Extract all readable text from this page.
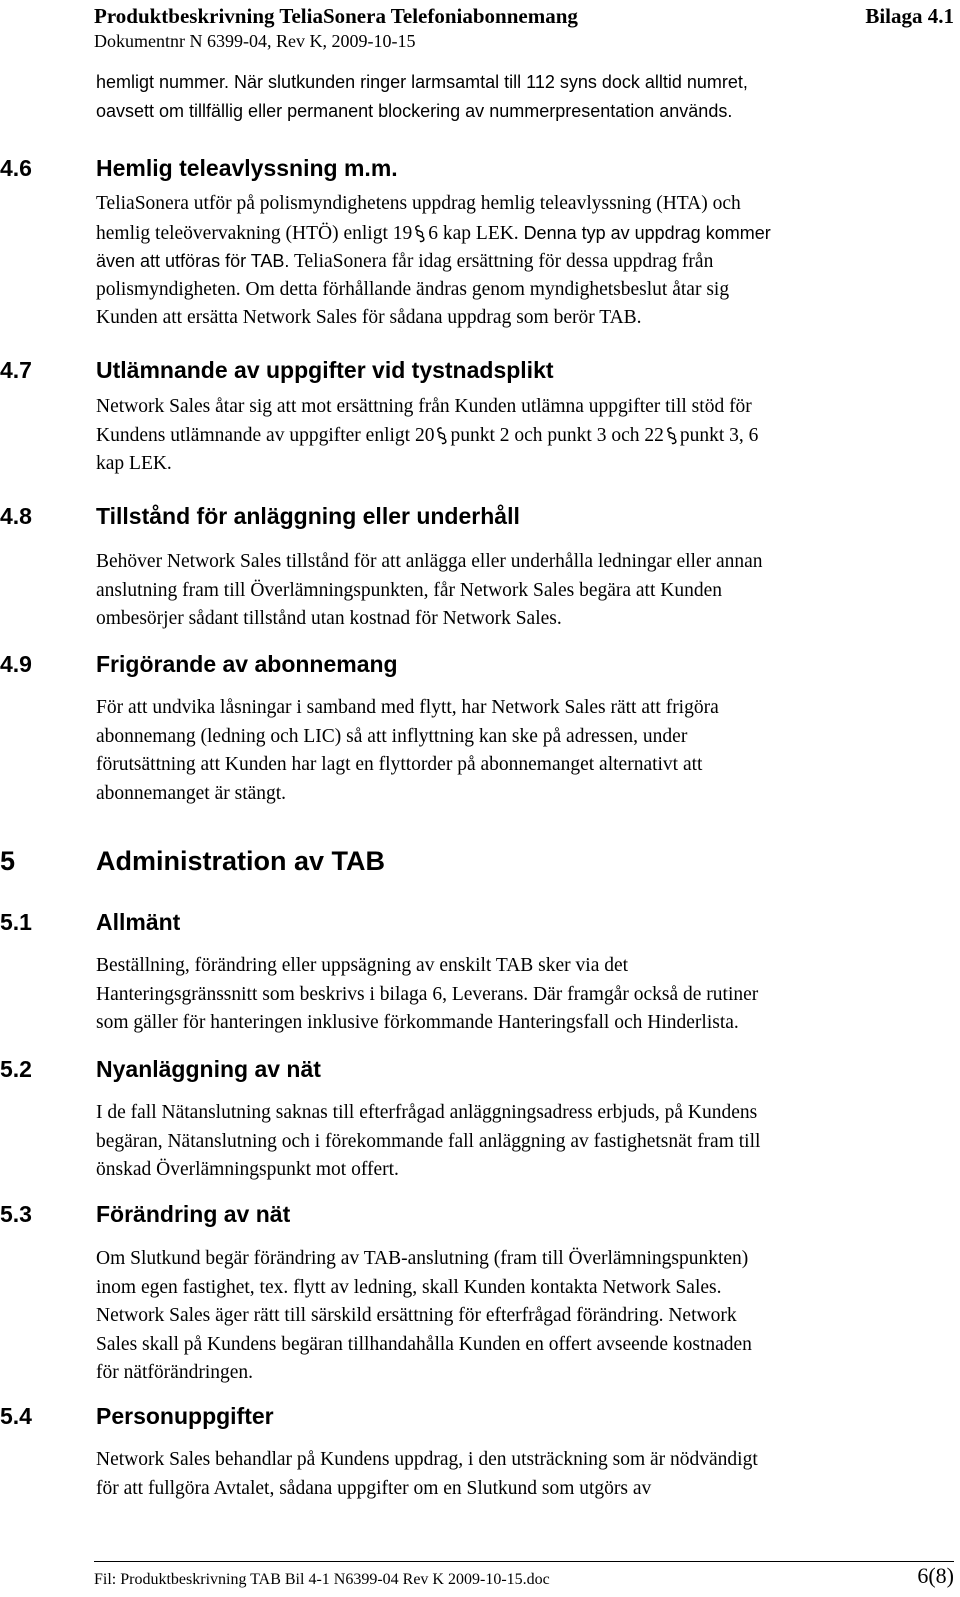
Produktbeskrivning TeliaSonera Telefoniabonnemang	Bilaga 4.1
Dokumentnr N 6399-04, Rev K, 2009-10-15
hemligt nummer. När slutkunden ringer larmsamtal till 112 syns dock alltid numret,
oavsett om tillfällig eller permanent blockering av nummerpresentation används.
4.6	Hemlig teleavlyssning m.m.
TeliaSonera utför på polismyndighetens uppdrag hemlig teleavlyssning (HTA) och
hemlig teleövervakning (HTÖ) enligt 19§6 kap LEK. Denna typ av uppdrag kommer
även att utföras för TAB. TeliaSonera får idag ersättning för dessa uppdrag från
polismyndigheten. Om detta förhållande ändras genom myndighetsbeslut åtar sig
Kunden att ersätta Network Sales för sådana uppdrag som berör TAB.
4.7	Utlämnande av uppgifter vid tystnadsplikt
Network Sales åtar sig att mot ersättning från Kunden utlämna uppgifter till stöd för
Kundens utlämnande av uppgifter enligt 20§punkt 2 och punkt 3 och 22§punkt 3, 6
kap LEK.
4.8	Tillstånd för anläggning eller underhåll
Behöver Network Sales tillstånd för att anlägga eller underhålla ledningar eller annan
anslutning fram till Överlämningspunkten, får Network Sales begära att Kunden
ombesörjer sådant tillstånd utan kostnad för Network Sales.
4.9	Frigörande av abonnemang
För att undvika låsningar i samband med flytt, har Network Sales rätt att frigöra
abonnemang (ledning och LIC) så att inflyttning kan ske på adressen, under
förutsättning att Kunden har lagt en flyttorder på abonnemanget alternativt att
abonnemanget är stängt.
5	Administration av TAB
5.1	Allmänt
Beställning, förändring eller uppsägning av enskilt TAB sker via det
Hanteringsgränssnitt som beskrivs i bilaga 6, Leverans. Där framgår också de rutiner
som gäller för hanteringen inklusive förkommande Hanteringsfall och Hinderlista.
5.2	Nyanläggning av nät
I de fall Nätanslutning saknas till efterfrågad anläggningsadress erbjuds, på Kundens
begäran, Nätanslutning och i förekommande fall anläggning av fastighetsnät fram till
önskad Överlämningspunkt mot offert.
5.3	Förändring av nät
Om Slutkund begär förändring av TAB-anslutning (fram till Överlämningspunkten)
inom egen fastighet, tex. flytt av ledning, skall Kunden kontakta Network Sales.
Network Sales äger rätt till särskild ersättning för efterfrågad förändring. Network
Sales skall på Kundens begäran tillhandahålla Kunden en offert avseende kostnaden
för nätförändringen.
5.4	Personuppgifter
Network Sales behandlar på Kundens uppdrag, i den utsträckning som är nödvändigt
för att fullgöra Avtalet, sådana uppgifter om en Slutkund som utgörs av
Fil: Produktbeskrivning TAB Bil 4-1 N6399-04 Rev K 2009-10-15.doc	6(8)
